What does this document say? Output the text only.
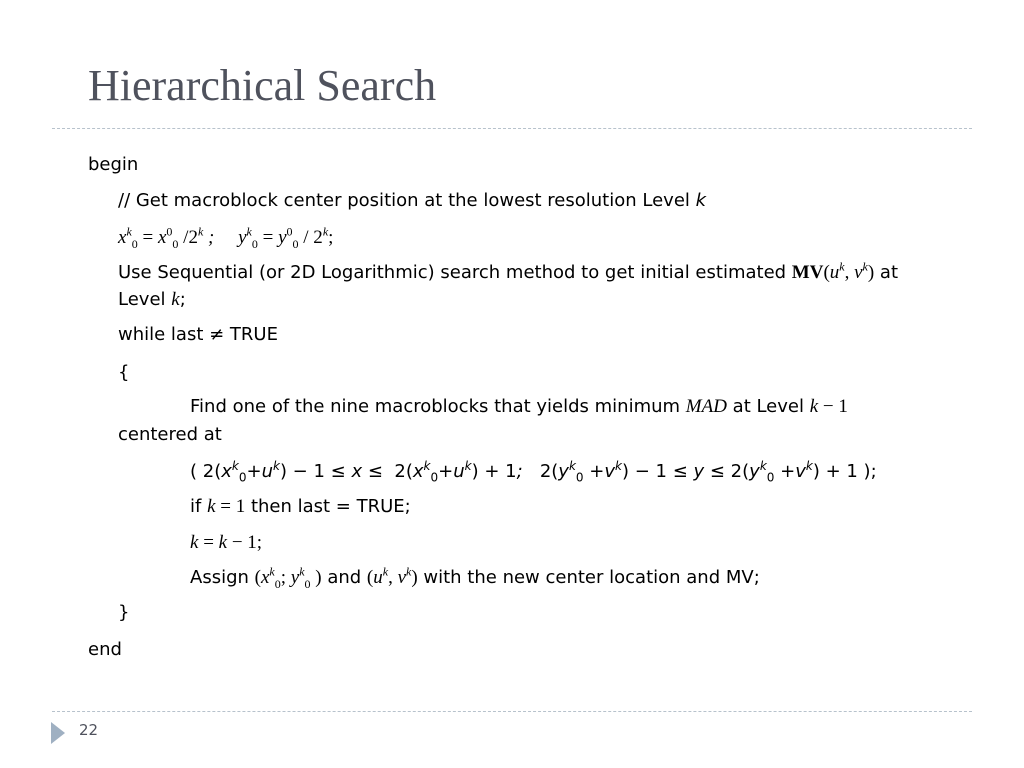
Hierarchical Search
begin
// Get macroblock center position at the lowest resolution Level k
$x^k_0 = x^0_0$ /2$^k$ ; $y^k_0 = y^0_0 / 2^k$;
Use Sequential (or 2D Logarithmic) search method to get initial estimated $MV(u^k$, $v^k$) at
Level k;
while last ≠ TRUE
{
Find one of the nine macroblocks that yields minimum MAD at Level k − 1
centered at
( $2(x^k_0+u^k) - 1 \le x \le 2(x^k_0+u^k) + 1$;   $2(y^k_0 +v^k) - 1 \le y \le 2(y^k_0 +v^k) + 1$ );
if k = 1 then last = TRUE;
k = k − 1;
Assign ($x^k_0$; $y^k_0$ ) and ($u^k$, $v^k$) with the new center location and MV;
}
end
22
